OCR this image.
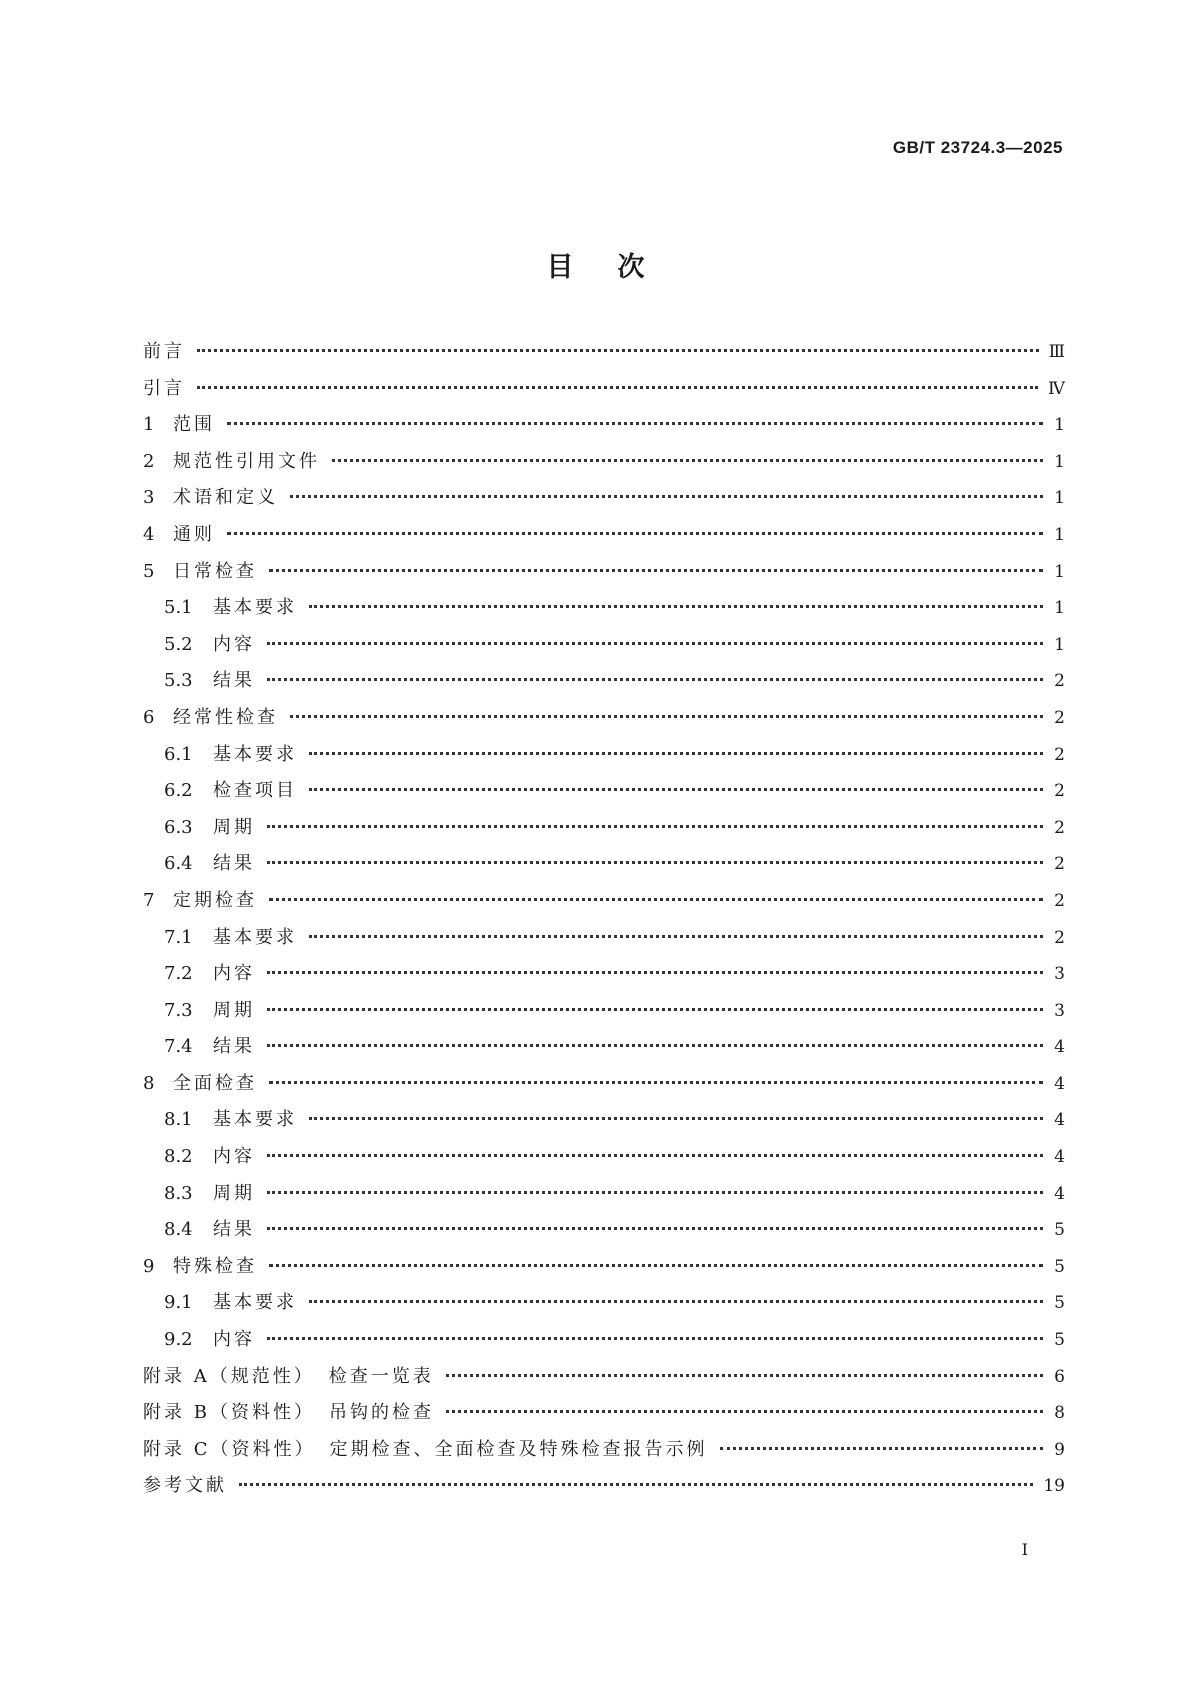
GB/T 23724.3—2025
目次
前言	Ⅲ
引言	Ⅳ
1 范围	1
2 规范性引用文件	1
3 术语和定义	1
4 通则	1
5 日常检查	1
5.1 基本要求	1
5.2 内容	1
5.3 结果	2
6 经常性检查	2
6.1 基本要求	2
6.2 检查项目	2
6.3 周期	2
6.4 结果	2
7 定期检查	2
7.1 基本要求	2
7.2 内容	3
7.3 周期	3
7.4 结果	4
8 全面检查	4
8.1 基本要求	4
8.2 内容	4
8.3 周期	4
8.4 结果	5
9 特殊检查	5
9.1 基本要求	5
9.2 内容	5
附录 A（规范性） 检查一览表	6
附录 B（资料性） 吊钩的检查	8
附录 C（资料性） 定期检查、全面检查及特殊检查报告示例	9
参考文献	19
I
